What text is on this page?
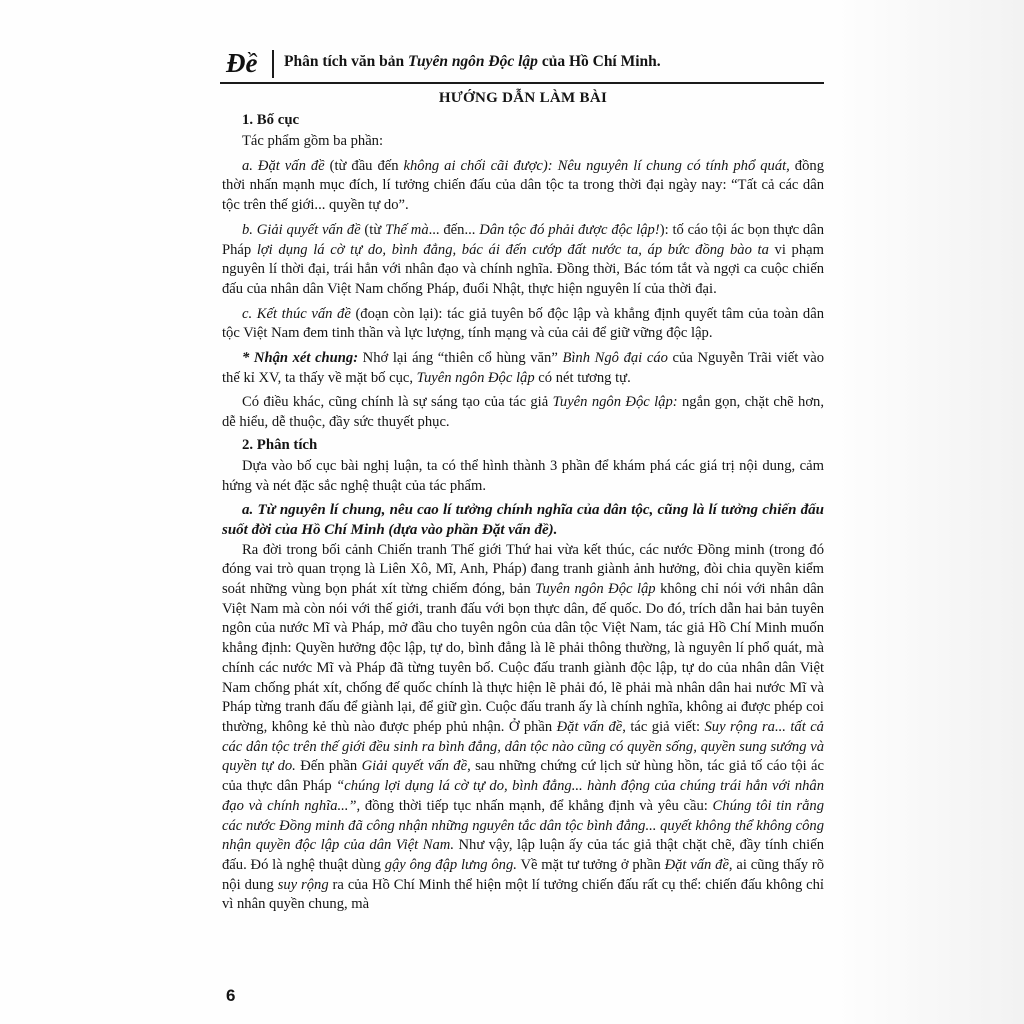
Đề	Phân tích văn bản Tuyên ngôn Độc lập của Hồ Chí Minh.
HƯỚNG DẪN LÀM BÀI
1. Bố cục

Tác phẩm gồm ba phần:

a. Đặt vấn đề (từ đầu đến không ai chối cãi được): Nêu nguyên lí chung có tính phổ quát, đồng thời nhấn mạnh mục đích, lí tưởng chiến đấu của dân tộc ta trong thời đại ngày nay: “Tất cả các dân tộc trên thế giới... quyền tự do”.

b. Giải quyết vấn đề (từ Thế mà... đến... Dân tộc đó phải được độc lập!): tố cáo tội ác bọn thực dân Pháp lợi dụng lá cờ tự do, bình đẳng, bác ái đến cướp đất nước ta, áp bức đồng bào ta vi phạm nguyên lí thời đại, trái hẳn với nhân đạo và chính nghĩa. Đồng thời, Bác tóm tắt và ngợi ca cuộc chiến đấu của nhân dân Việt Nam chống Pháp, đuổi Nhật, thực hiện nguyên lí của thời đại.

c. Kết thúc vấn đề (đoạn còn lại): tác giả tuyên bố độc lập và khẳng định quyết tâm của toàn dân tộc Việt Nam đem tinh thần và lực lượng, tính mạng và của cải để giữ vững độc lập.

* Nhận xét chung: Nhớ lại áng “thiên cổ hùng văn” Bình Ngô đại cáo của Nguyễn Trãi viết vào thế kỉ XV, ta thấy về mặt bố cục, Tuyên ngôn Độc lập có nét tương tự.

Có điều khác, cũng chính là sự sáng tạo của tác giả Tuyên ngôn Độc lập: ngắn gọn, chặt chẽ hơn, dễ hiểu, dễ thuộc, đầy sức thuyết phục.

2. Phân tích

Dựa vào bố cục bài nghị luận, ta có thể hình thành 3 phần để khám phá các giá trị nội dung, cảm hứng và nét đặc sắc nghệ thuật của tác phẩm.

a. Từ nguyên lí chung, nêu cao lí tưởng chính nghĩa của dân tộc, cũng là lí tưởng chiến đấu suốt đời của Hồ Chí Minh (dựa vào phần Đặt vấn đề).

Ra đời trong bối cảnh Chiến tranh Thế giới Thứ hai vừa kết thúc, các nước Đồng minh (trong đó đóng vai trò quan trọng là Liên Xô, Mĩ, Anh, Pháp) đang tranh giành ảnh hưởng, đòi chia quyền kiểm soát những vùng bọn phát xít từng chiếm đóng, bản Tuyên ngôn Độc lập không chỉ nói với nhân dân Việt Nam mà còn nói với thế giới, tranh đấu với bọn thực dân, đế quốc. Do đó, trích dẫn hai bản tuyên ngôn của nước Mĩ và Pháp, mở đầu cho tuyên ngôn của dân tộc Việt Nam, tác giả Hồ Chí Minh muốn khẳng định: Quyền hưởng độc lập, tự do, bình đẳng là lẽ phải thông thường, là nguyên lí phổ quát, mà chính các nước Mĩ và Pháp đã từng tuyên bố. Cuộc đấu tranh giành độc lập, tự do của nhân dân Việt Nam chống phát xít, chống đế quốc chính là thực hiện lẽ phải đó, lẽ phải mà nhân dân hai nước Mĩ và Pháp từng tranh đấu để giành lại, để giữ gìn. Cuộc đấu tranh ấy là chính nghĩa, không ai được phép coi thường, không kẻ thù nào được phép phủ nhận. Ở phần Đặt vấn đề, tác giả viết: Suy rộng ra... tất cả các dân tộc trên thế giới đều sinh ra bình đẳng, dân tộc nào cũng có quyền sống, quyền sung sướng và quyền tự do. Đến phần Giải quyết vấn đề, sau những chứng cứ lịch sử hùng hồn, tác giả tố cáo tội ác của thực dân Pháp “chúng lợi dụng lá cờ tự do, bình đẳng... hành động của chúng trái hẳn với nhân đạo và chính nghĩa...”, đồng thời tiếp tục nhấn mạnh, để khẳng định và yêu cầu: Chúng tôi tin rằng các nước Đồng minh đã công nhận những nguyên tắc dân tộc bình đẳng... quyết không thể không công nhận quyền độc lập của dân Việt Nam. Như vậy, lập luận ấy của tác giả thật chặt chẽ, đầy tính chiến đấu. Đó là nghệ thuật dùng gậy ông đập lưng ông. Về mặt tư tưởng ở phần Đặt vấn đề, ai cũng thấy rõ nội dung suy rộng ra của Hồ Chí Minh thể hiện một lí tưởng chiến đấu rất cụ thể: chiến đấu không chỉ vì nhân quyền chung, mà

6
